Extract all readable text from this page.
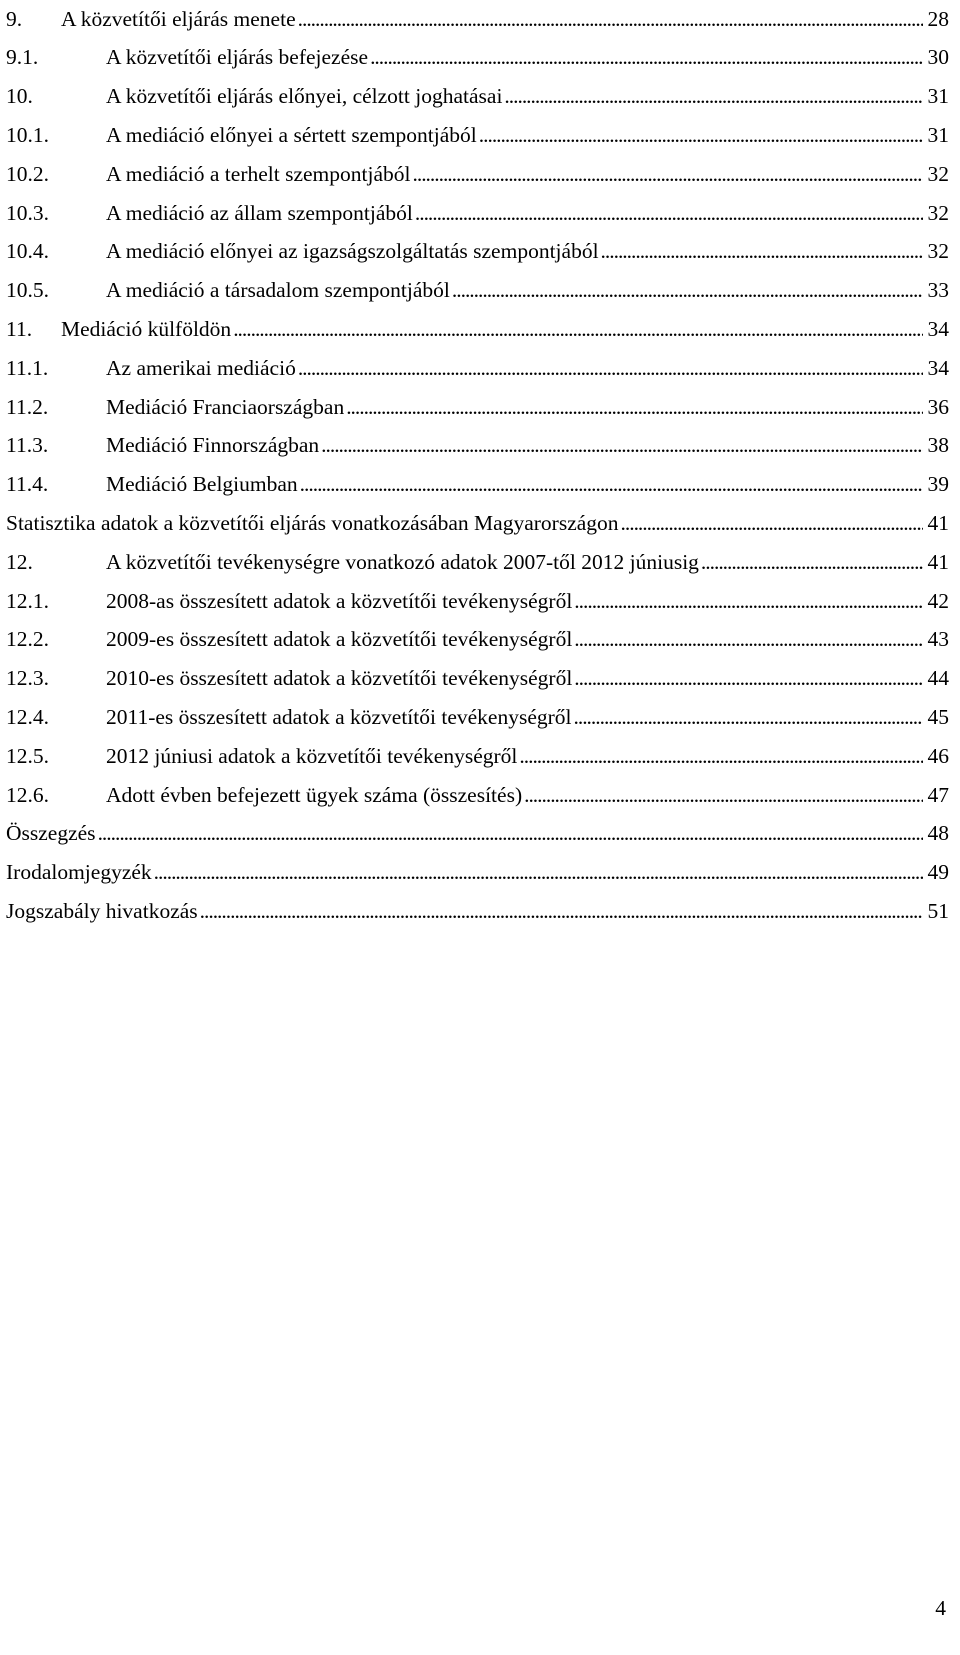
9.	A közvetítői eljárás menete . . .	28
9.1.	A közvetítői eljárás befejezése . . .	30
10.	A közvetítői eljárás előnyei, célzott joghatásai . . .	31
10.1.	A mediáció előnyei a sértett szempontjából . . .	31
10.2.	A mediáció a terhelt szempontjából . . .	32
10.3.	A mediáció az állam szempontjából . . .	32
10.4.	A mediáció előnyei az igazságszolgáltatás szempontjából . . .	32
10.5.	A mediáció a társadalom szempontjából . . .	33
11.	Mediáció külföldön . . .	34
11.1.	Az amerikai mediáció . . .	34
11.2.	Mediáció Franciaországban . . .	36
11.3.	Mediáció Finnországban . . .	38
11.4.	Mediáció Belgiumban . . .	39
Statisztika adatok a közvetítői eljárás vonatkozásában Magyarországon . . .	41
12.	A közvetítői tevékenységre vonatkozó adatok 2007-től 2012 júniusig . . .	41
12.1.	2008-as összesített adatok a közvetítői tevékenységről . . .	42
12.2.	2009-es összesített adatok a közvetítői tevékenységről . . .	43
12.3.	2010-es összesített adatok a közvetítői tevékenységről . . .	44
12.4.	2011-es összesített adatok a közvetítői tevékenységről . . .	45
12.5.	2012 júniusi adatok a közvetítői tevékenységről . . .	46
12.6.	Adott évben befejezett ügyek száma (összesítés) . . .	47
Összegzés . . .	48
Irodalomjegyzék . . .	49
Jogszabály hivatkozás . . .	51
4
